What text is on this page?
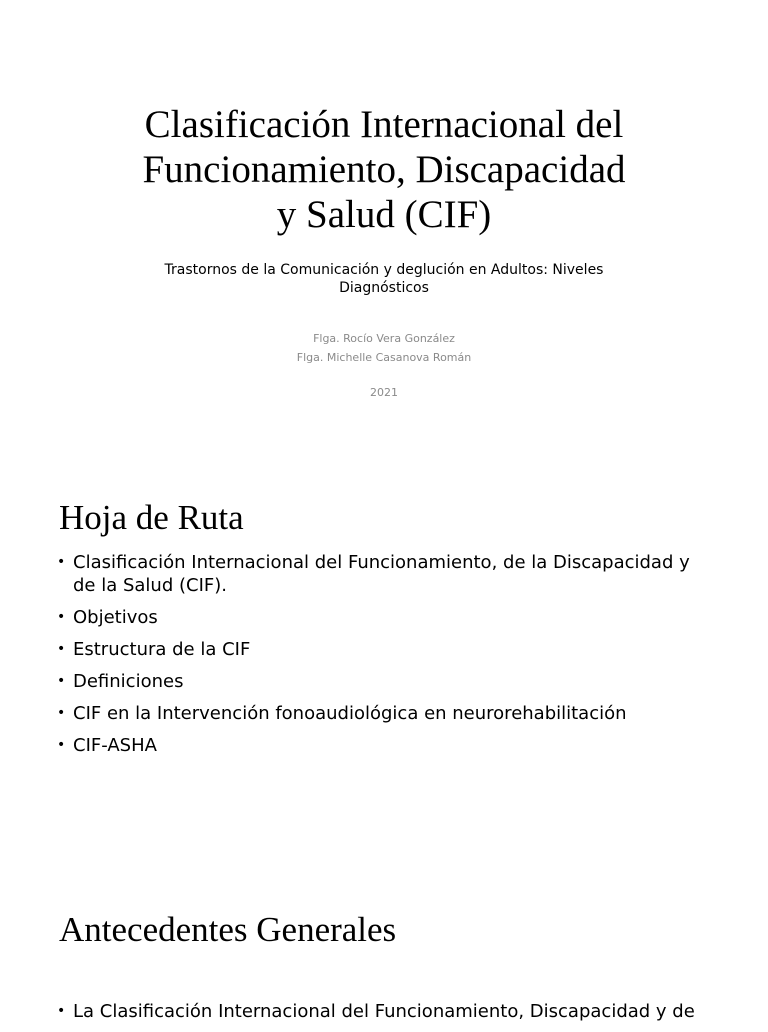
Clasificación Internacional del
Funcionamiento, Discapacidad
y Salud (CIF)
Trastornos de la Comunicación y deglución en Adultos: Niveles
Diagnósticos
Flga. Rocío Vera González
Flga. Michelle Casanova Román
2021
Hoja de Ruta
• Clasificación Internacional del Funcionamiento, de la Discapacidad y de la Salud (CIF).
• Objetivos
• Estructura de la CIF
• Definiciones
• CIF en la Intervención fonoaudiológica en neurorehabilitación
• CIF-ASHA
Antecedentes Generales
• La Clasificación Internacional del Funcionamiento, Discapacidad y de
